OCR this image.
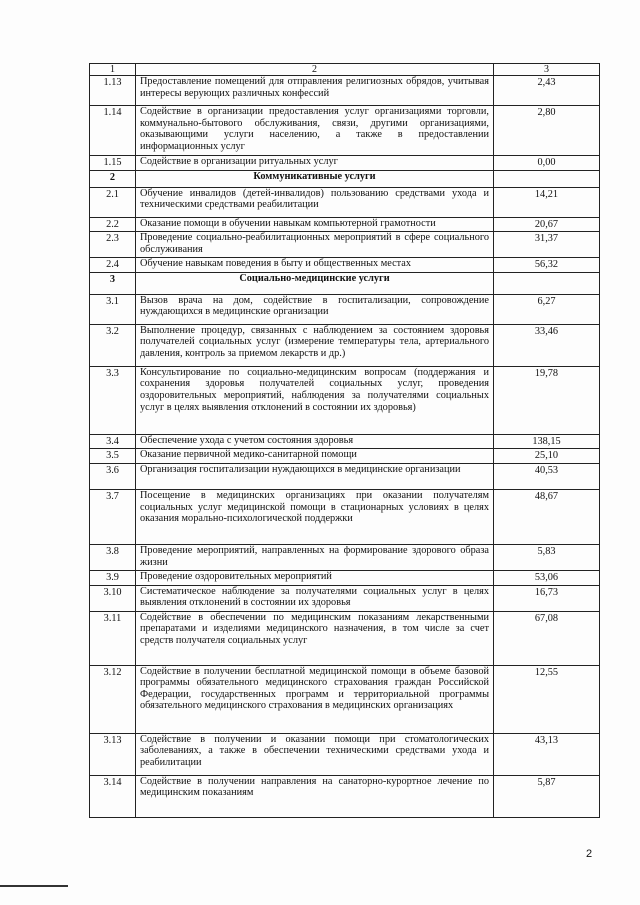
1	2	3
1.13	Предоставление помещений для отправления религиозных обрядов, учитывая интересы верующих различных конфессий	2,43
1.14	Содействие в организации предоставления услуг организациями торговли, коммунально-бытового обслуживания, связи, другими организациями, оказывающими услуги населению, а также в предоставлении информационных услуг	2,80
1.15	Содействие в организации ритуальных услуг	0,00
2	Коммуникативные услуги	
2.1	Обучение инвалидов (детей-инвалидов) пользованию средствами ухода и техническими средствами реабилитации	14,21
2.2	Оказание помощи в обучении навыкам компьютерной грамотности	20,67
2.3	Проведение социально-реабилитационных мероприятий в сфере социального обслуживания	31,37
2.4	Обучение навыкам поведения в быту и общественных местах	56,32
3	Социально-медицинские услуги	
3.1	Вызов врача на дом, содействие в госпитализации, сопровождение нуждающихся в медицинские организации	6,27
3.2	Выполнение процедур, связанных с наблюдением за состоянием здоровья получателей социальных услуг (измерение температуры тела, артериального давления, контроль за приемом лекарств и др.)	33,46
3.3	Консультирование по социально-медицинским вопросам (поддержания и сохранения здоровья получателей социальных услуг, проведения оздоровительных мероприятий, наблюдения за получателями социальных услуг в целях выявления отклонений в состоянии их здоровья)	19,78
3.4	Обеспечение ухода с учетом состояния здоровья	138,15
3.5	Оказание первичной медико-санитарной помощи	25,10
3.6	Организация госпитализации нуждающихся в медицинские организации	40,53
3.7	Посещение в медицинских организациях при оказании получателям социальных услуг медицинской помощи в стационарных условиях в целях оказания морально-психологической поддержки	48,67
3.8	Проведение мероприятий, направленных на формирование здорового образа жизни	5,83
3.9	Проведение оздоровительных мероприятий	53,06
3.10	Систематическое наблюдение за получателями социальных услуг в целях выявления отклонений в состоянии их здоровья	16,73
3.11	Содействие в обеспечении по медицинским показаниям лекарственными препаратами и изделиями медицинского назначения, в том числе за счет средств получателя социальных услуг	67,08
3.12	Содействие в получении бесплатной медицинской помощи в объеме базовой программы обязательного медицинского страхования граждан Российской Федерации, государственных программ и территориальной программы обязательного медицинского страхования в медицинских организациях	12,55
3.13	Содействие в получении и оказании помощи при стоматологических заболеваниях, а также в обеспечении техническими средствами ухода и реабилитации	43,13
3.14	Содействие в получении направления на санаторно-курортное лечение по медицинским показаниям	5,87
2
